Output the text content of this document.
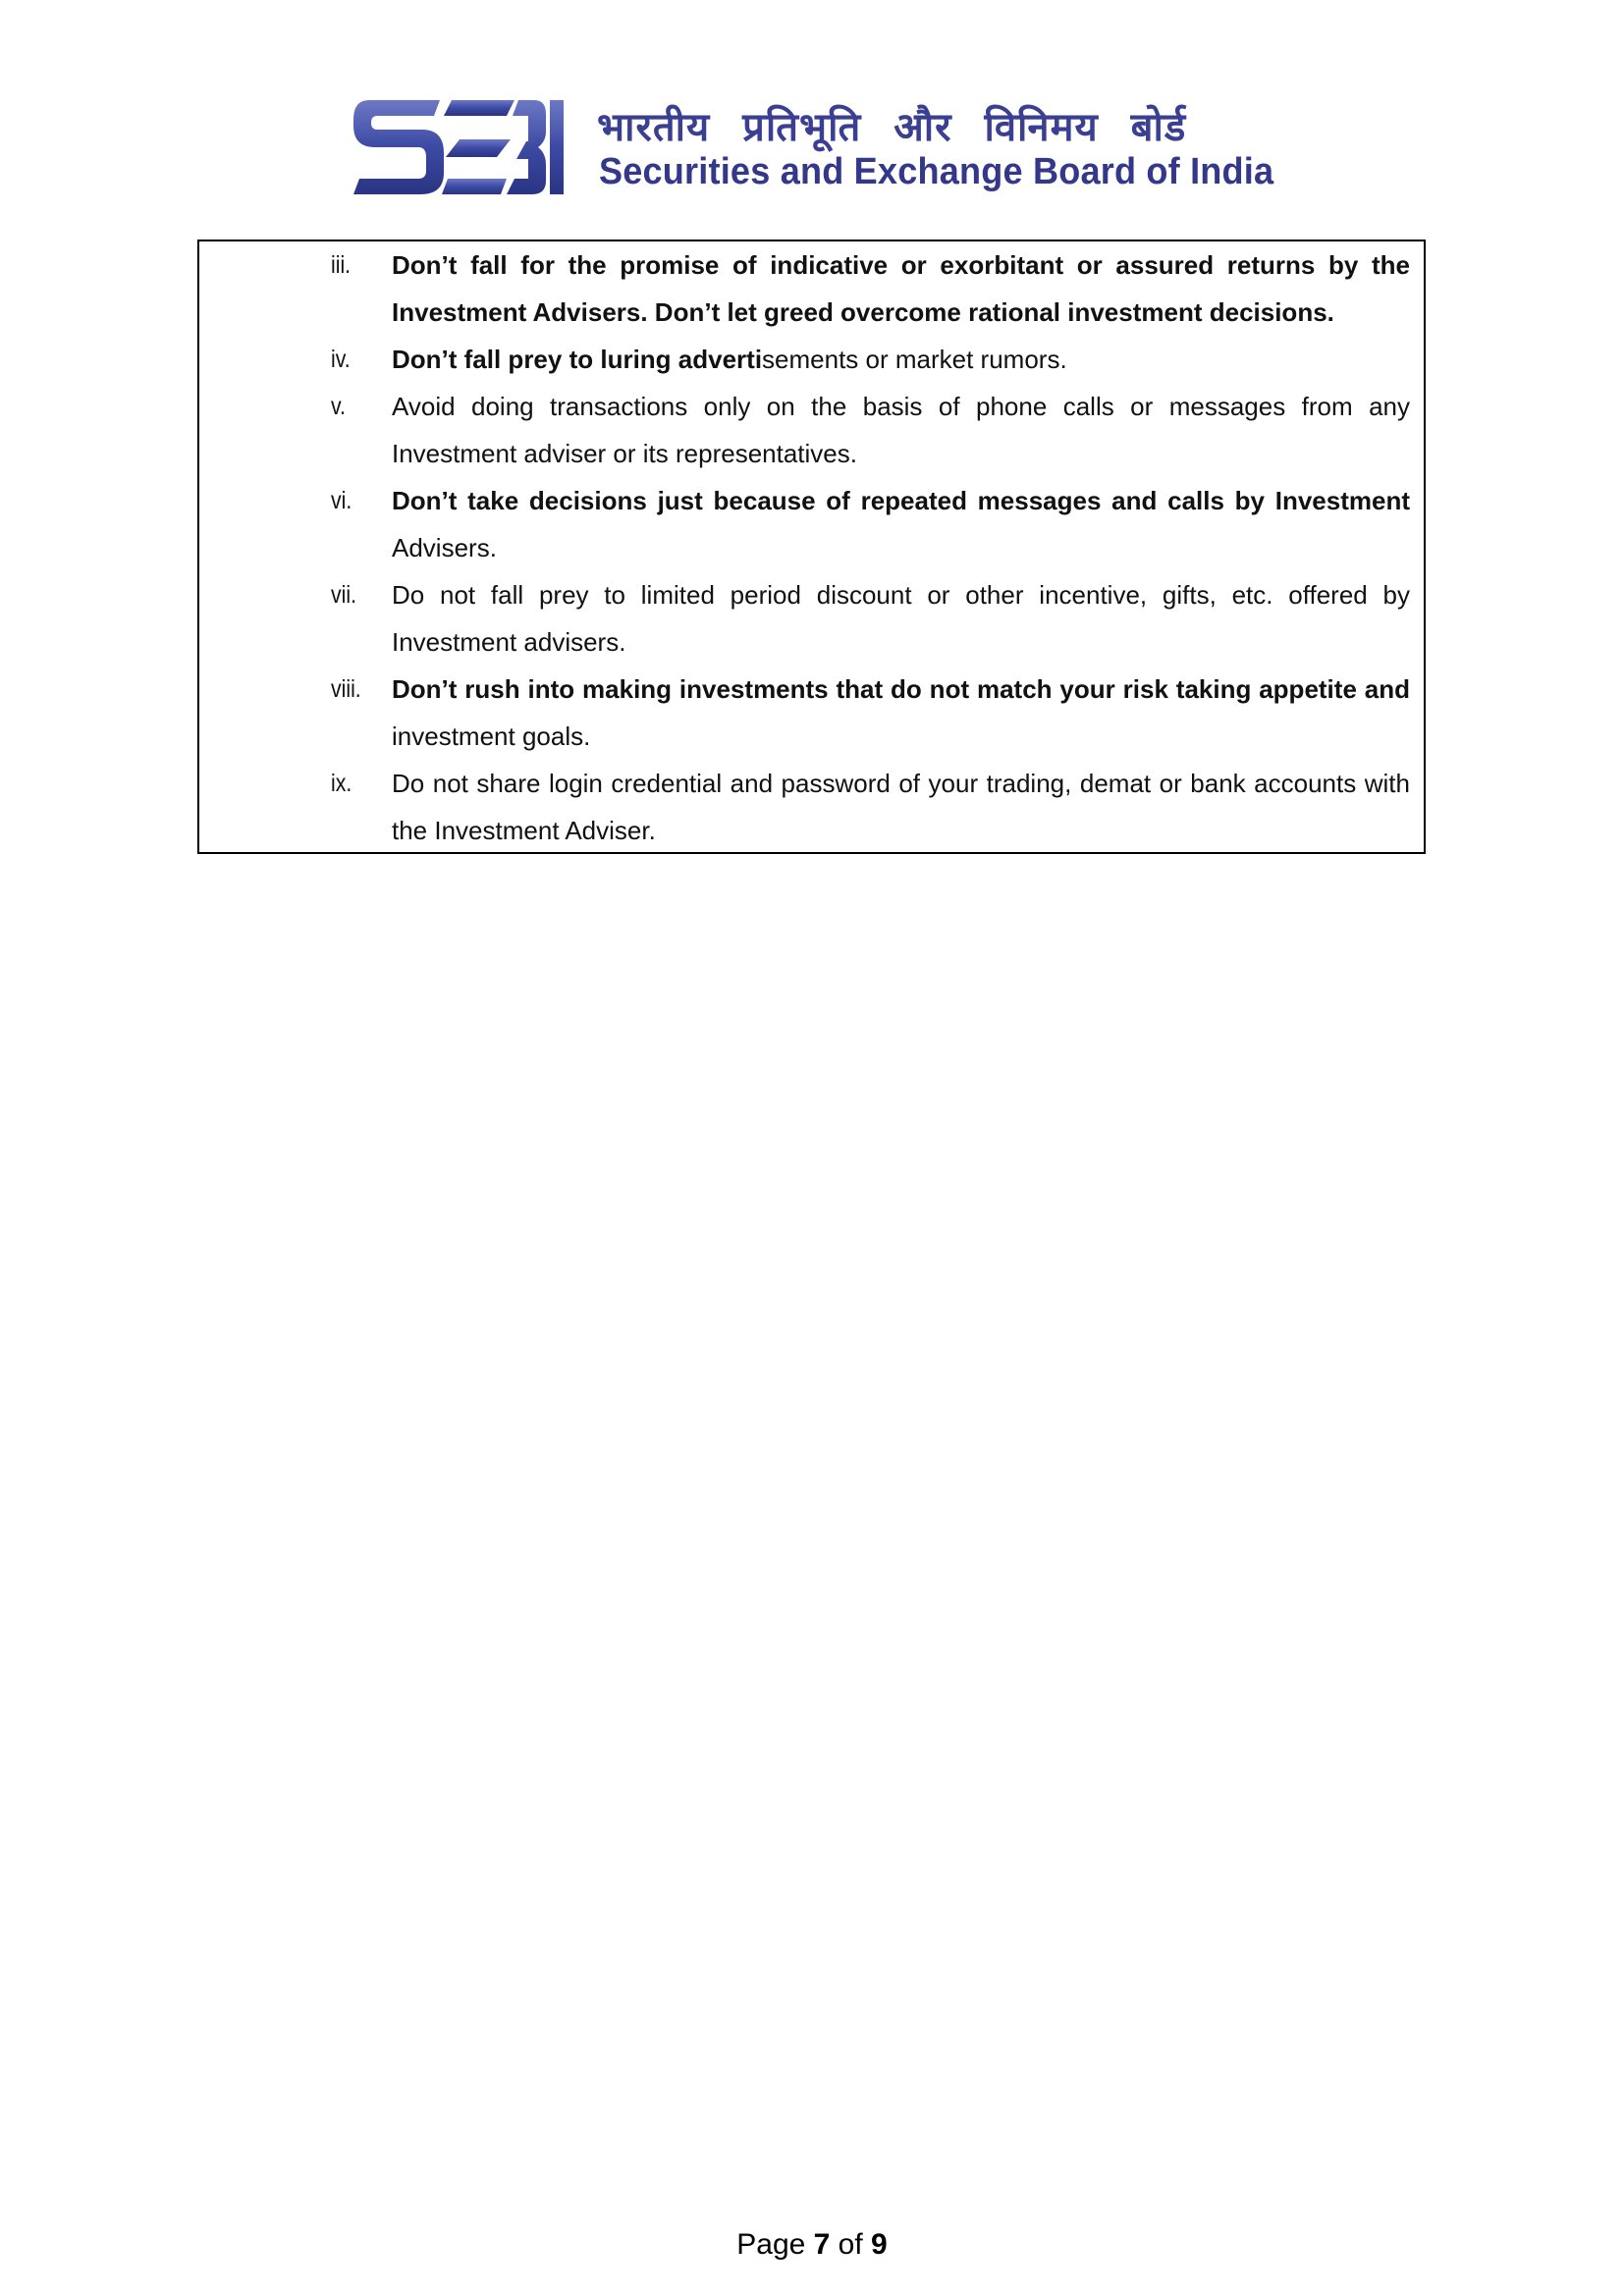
भारतीय प्रतिभूति और विनिमय बोर्ड
Securities and Exchange Board of India
iii.	Don’t fall for the promise of indicative or exorbitant or assured returns by the Investment Advisers. Don’t let greed overcome rational investment decisions.
iv.	Don’t fall prey to luring advertisements or market rumors.
v.	Avoid doing transactions only on the basis of phone calls or messages from any Investment adviser or its representatives.
vi.	Don’t take decisions just because of repeated messages and calls by Investment Advisers.
vii.	Do not fall prey to limited period discount or other incentive, gifts, etc. offered by Investment advisers.
viii. Don’t rush into making investments that do not match your risk taking appetite and investment goals.
ix.	Do not share login credential and password of your trading, demat or bank accounts with the Investment Adviser.
Page 7 of 9
